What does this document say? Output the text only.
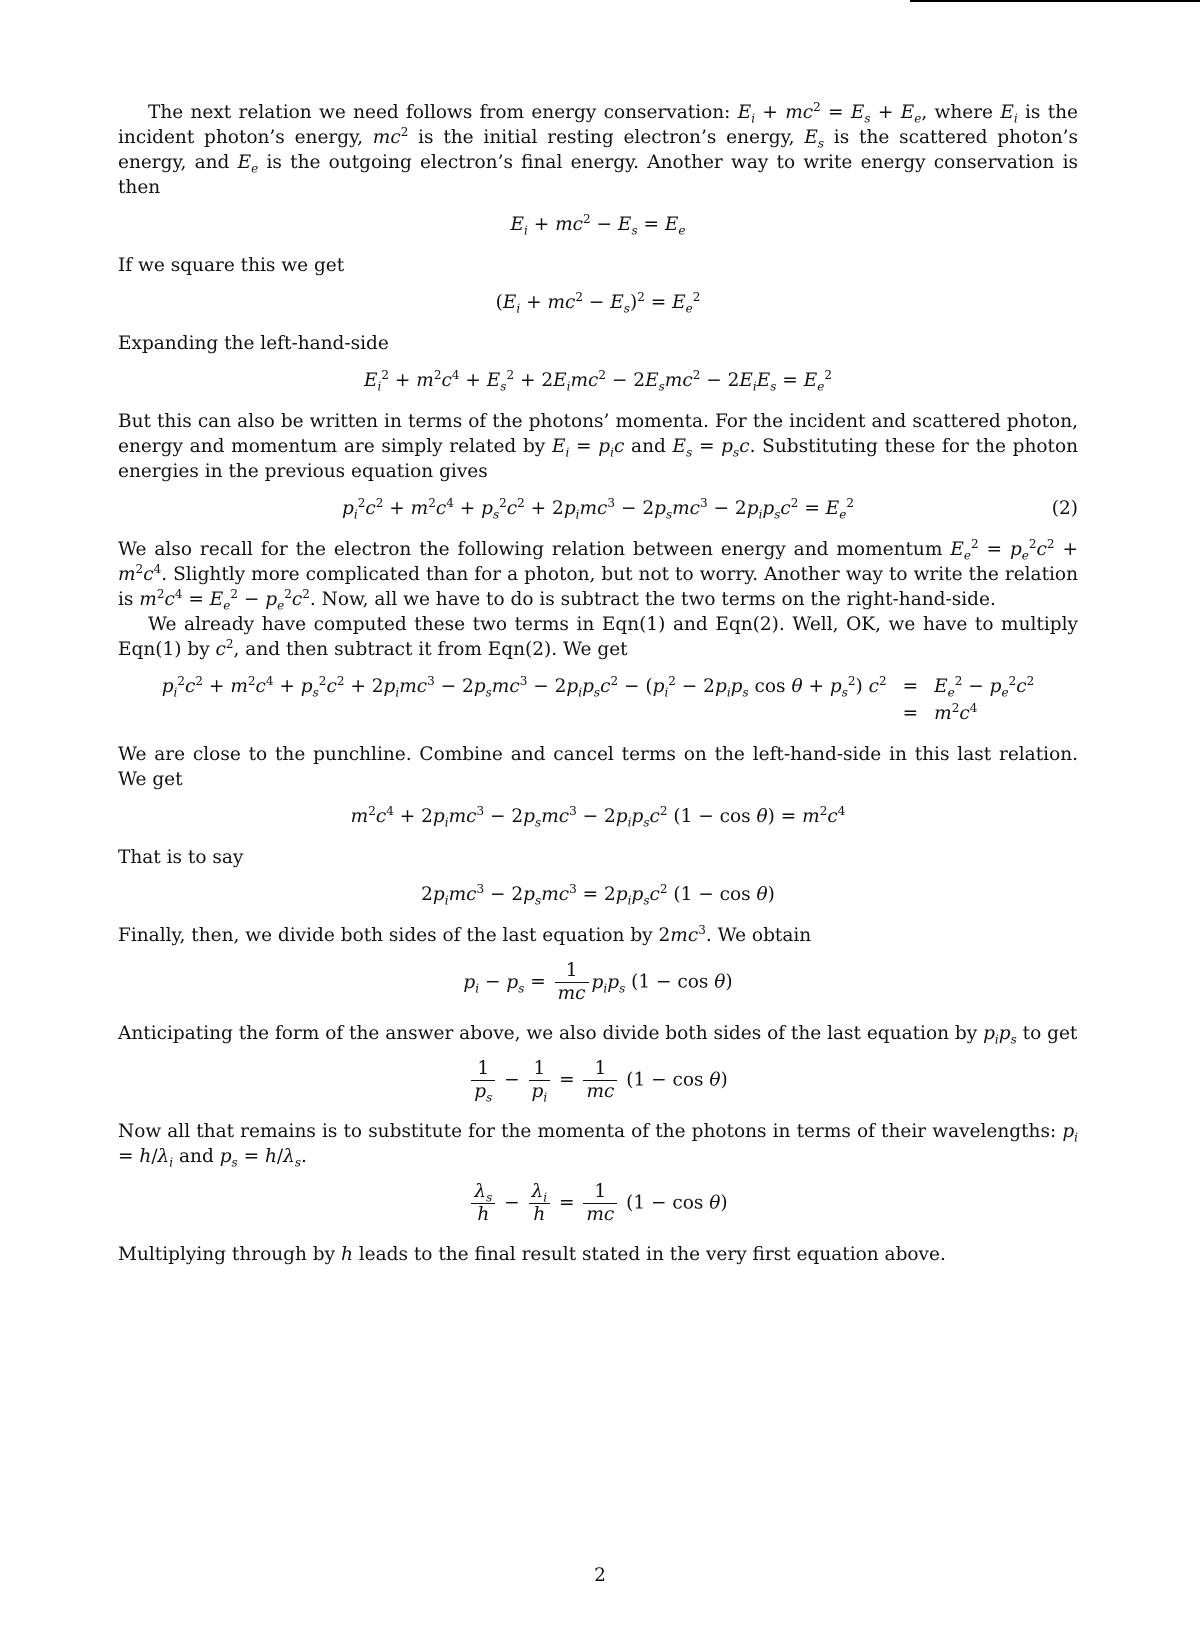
The next relation we need follows from energy conservation: $E_i + mc^2 = E_s + E_e$, where $E_i$ is the incident photon’s energy, $mc^2$ is the initial resting electron’s energy, $E_s$ is the scattered photon’s energy, and $E_e$ is the outgoing electron’s final energy. Another way to write energy conservation is then

$E_i + mc^2 - E_s = E_e$

If we square this we get

$(E_i + mc^2 - E_s)^2 = E_e^2$

Expanding the left-hand-side

$E_i^2 + m^2c^4 + E_s^2 + 2E_imc^2 - 2E_smc^2 - 2E_iE_s = E_e^2$

But this can also be written in terms of the photons’ momenta. For the incident and scattered photon, energy and momentum are simply related by $E_i = p_ic$ and $E_s = p_sc$. Substituting these for the photon energies in the previous equation gives

$p_i^2c^2 + m^2c^4 + p_s^2c^2 + 2p_imc^3 - 2p_smc^3 - 2p_ip_sc^2 = E_e^2$	(2)

We also recall for the electron the following relation between energy and momentum $E_e^2 = p_e^2c^2 + m^2c^4$. Slightly more complicated than for a photon, but not to worry. Another way to write the relation is $m^2c^4 = E_e^2 - p_e^2c^2$. Now, all we have to do is subtract the two terms on the right-hand-side.

We already have computed these two terms in Eqn(1) and Eqn(2). Well, OK, we have to multiply Eqn(1) by $c^2$, and then subtract it from Eqn(2). We get

$p_i^2c^2 + m^2c^4 + p_s^2c^2 + 2p_imc^3 - 2p_smc^3 - 2p_ip_sc^2 - (p_i^2 - 2p_ip_s$ $\cos \theta + p_s^2$) $c^2 = E_e^2 - p_e^2c^2$
= $m^2c^4$

We are close to the punchline. Combine and cancel terms on the left-hand-side in this last relation. We get

$m^2c^4 + 2p_imc^3 - 2p_smc^3 - 2p_ip_sc^2$ $(1 - \cos \theta) = m^2c^4$

That is to say

$2p_imc^3 - 2p_smc^3 = 2p_ip_sc^2$ (1 − cos θ)

Finally, then, we divide both sides of the last equation by $2mc^3$. We obtain

$p_i - p_s = \frac{1}{mc} p_ip_s$ (1 − cos θ)

Anticipating the form of the answer above, we also divide both sides of the last equation by $p_ip_s$ to get

$\frac{1}{p_s} - \frac{1}{p_i} = \frac{1}{mc} (1 - \cos \theta)$

Now all that remains is to substitute for the momenta of the photons in terms of their wavelengths: $p_i = h/\lambda_i$ and $p_s = h/\lambda_s$.

$\frac{\lambda_s}{h} - \frac{\lambda_i}{h} = \frac{1}{mc} (1 - \cos \theta)$

Multiplying through by h leads to the final result stated in the very first equation above.

2
